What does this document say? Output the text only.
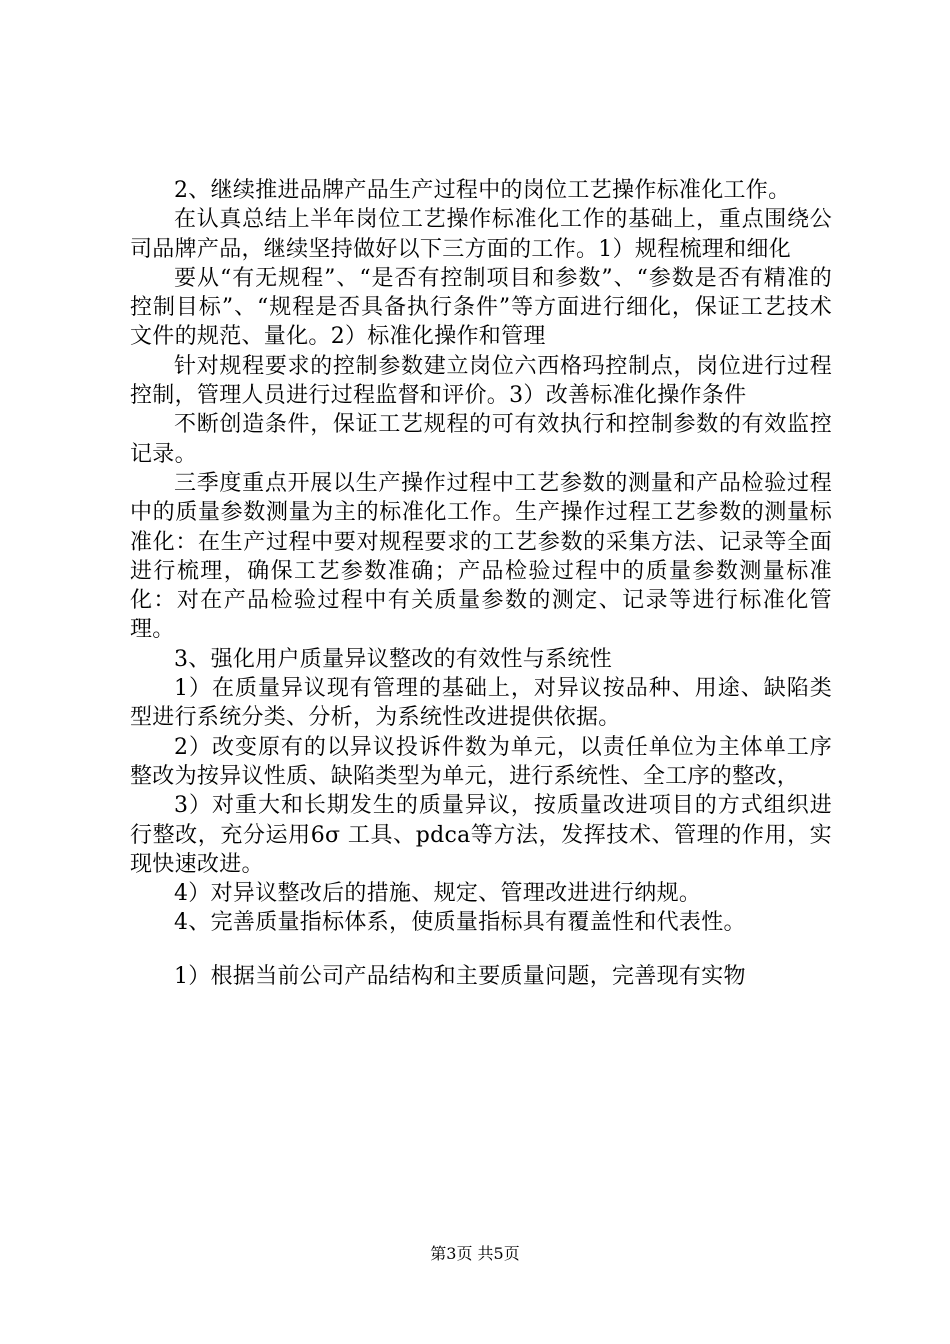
2、继续推进品牌产品生产过程中的岗位工艺操作标准化工作。

在认真总结上半年岗位工艺操作标准化工作的基础上，重点围绕公司品牌产品，继续坚持做好以下三方面的工作。1）规程梳理和细化

要从“有无规程”、“是否有控制项目和参数”、“参数是否有精准的控制目标”、“规程是否具备执行条件”等方面进行细化，保证工艺技术文件的规范、量化。2）标准化操作和管理

针对规程要求的控制参数建立岗位六西格玛控制点，岗位进行过程控制，管理人员进行过程监督和评价。3）改善标准化操作条件

不断创造条件，保证工艺规程的可有效执行和控制参数的有效监控记录。

三季度重点开展以生产操作过程中工艺参数的测量和产品检验过程中的质量参数测量为主的标准化工作。生产操作过程工艺参数的测量标准化：在生产过程中要对规程要求的工艺参数的采集方法、记录等全面进行梳理，确保工艺参数准确；产品检验过程中的质量参数测量标准化：对在产品检验过程中有关质量参数的测定、记录等进行标准化管理。

3、强化用户质量异议整改的有效性与系统性

1）在质量异议现有管理的基础上，对异议按品种、用途、缺陷类型进行系统分类、分析，为系统性改进提供依据。

2）改变原有的以异议投诉件数为单元，以责任单位为主体单工序整改为按异议性质、缺陷类型为单元，进行系统性、全工序的整改，

3）对重大和长期发生的质量异议，按质量改进项目的方式组织进行整改，充分运用6σ 工具、pdca等方法，发挥技术、管理的作用，实现快速改进。

4）对异议整改后的措施、规定、管理改进进行纳规。

4、完善质量指标体系，使质量指标具有覆盖性和代表性。

1）根据当前公司产品结构和主要质量问题，完善现有实物

第3页 共5页
